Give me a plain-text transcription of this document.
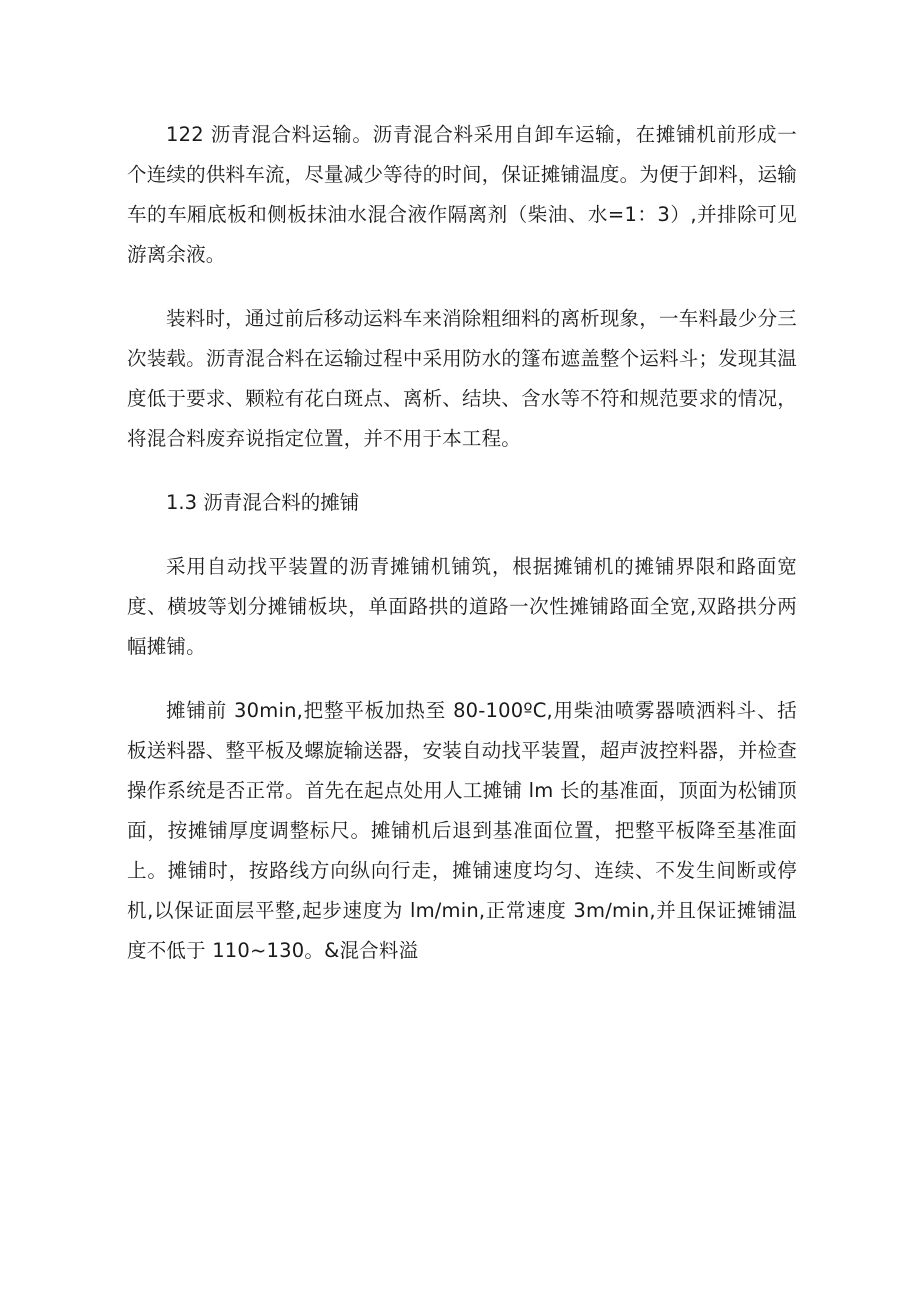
122 沥青混合料运输。沥青混合料采用自卸车运输，在摊铺机前形成一个连续的供料车流，尽量减少等待的时间，保证摊铺温度。为便于卸料，运输车的车厢底板和侧板抹油水混合液作隔离剂（柴油、水=1：3）,并排除可见游离余液。

装料时，通过前后移动运料车来消除粗细料的离析现象，一车料最少分三次装载。沥青混合料在运输过程中采用防水的篷布遮盖整个运料斗；发现其温度低于要求、颗粒有花白斑点、离析、结块、含水等不符和规范要求的情况，将混合料废弃说指定位置，并不用于本工程。

1.3 沥青混合料的摊铺

采用自动找平装置的沥青摊铺机铺筑，根据摊铺机的摊铺界限和路面宽度、横坡等划分摊铺板块，单面路拱的道路一次性摊铺路面全宽,双路拱分两幅摊铺。

摊铺前 30min,把整平板加热至 80-100ºC,用柴油喷雾器喷洒料斗、括板送料器、整平板及螺旋输送器，安装自动找平装置，超声波控料器，并检查操作系统是否正常。首先在起点处用人工摊铺 lm 长的基准面，顶面为松铺顶面，按摊铺厚度调整标尺。摊铺机后退到基准面位置，把整平板降至基准面上。摊铺时，按路线方向纵向行走，摊铺速度均匀、连续、不发生间断或停机,以保证面层平整,起步速度为 lm/min,正常速度 3m∕min,并且保证摊铺温度不低于 110~130。&混合料溢
